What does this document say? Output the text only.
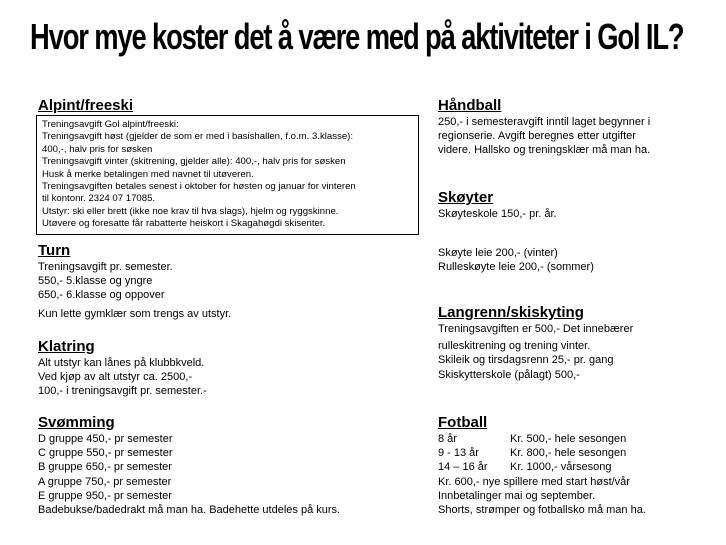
Hvor mye koster det å være med på aktiviteter i Gol IL?
Alpint/freeski
Treningsavgift Gol alpint/freeski:
Treningsavgift høst (gjelder de som er med i basishallen, f.o.m. 3.klasse):
400,-, halv pris for søsken
Treningsavgift vinter (skitrening, gjelder alle): 400,-, halv pris for søsken
Husk å merke betalingen med navnet til utøveren.
Treningsavgiften betales senest i oktober for høsten og januar for vinteren
til kontonr. 2324 07 17085.
Utstyr: ski eller brett (ikke noe krav til hva slags), hjelm og ryggskinne.
Utøvere og foresatte får rabatterte heiskort i Skagahøgdi skisenter.
Turn
Treningsavgift pr. semester.
550,- 5.klasse og yngre
650,- 6.klasse og oppover
Kun lette gymklær som trengs av utstyr.
Klatring
Alt utstyr kan lånes på klubbkveld.
Ved kjøp av alt utstyr ca. 2500,-
100,- i treningsavgift pr. semester.-
Svømming
D gruppe 450,- pr semester
C gruppe 550,- pr semester
B gruppe 650,- pr semester
A gruppe 750,- pr semester
E gruppe 950,- pr semester
Badebukse/badedrakt må man ha. Badehette utdeles på kurs.
Håndball
250,- i semesteravgift inntil laget begynner i
regionserie. Avgift beregnes etter utgifter
videre. Hallsko og treningsklær må man ha.
Skøyter
Skøyteskole 150,- pr. år.
Skøyte leie 200,- (vinter)
Rulleskøyte leie 200,- (sommer)
Langrenn/skiskyting
Treningsavgiften er 500,- Det innebærer
rulleskitrening og trening vinter.
Skileik og tirsdagsrenn 25,- pr. gang
Skiskytterskole (pålagt) 500,-
Fotball
8 år	Kr. 500,- hele sesongen
9 - 13 år	Kr. 800,- hele sesongen
14 – 16 år	Kr. 1000,- vårsesong
Kr. 600,- nye spillere med start høst/vår
Innbetalinger mai og september.
Shorts, strømper og fotballsko må man ha.
